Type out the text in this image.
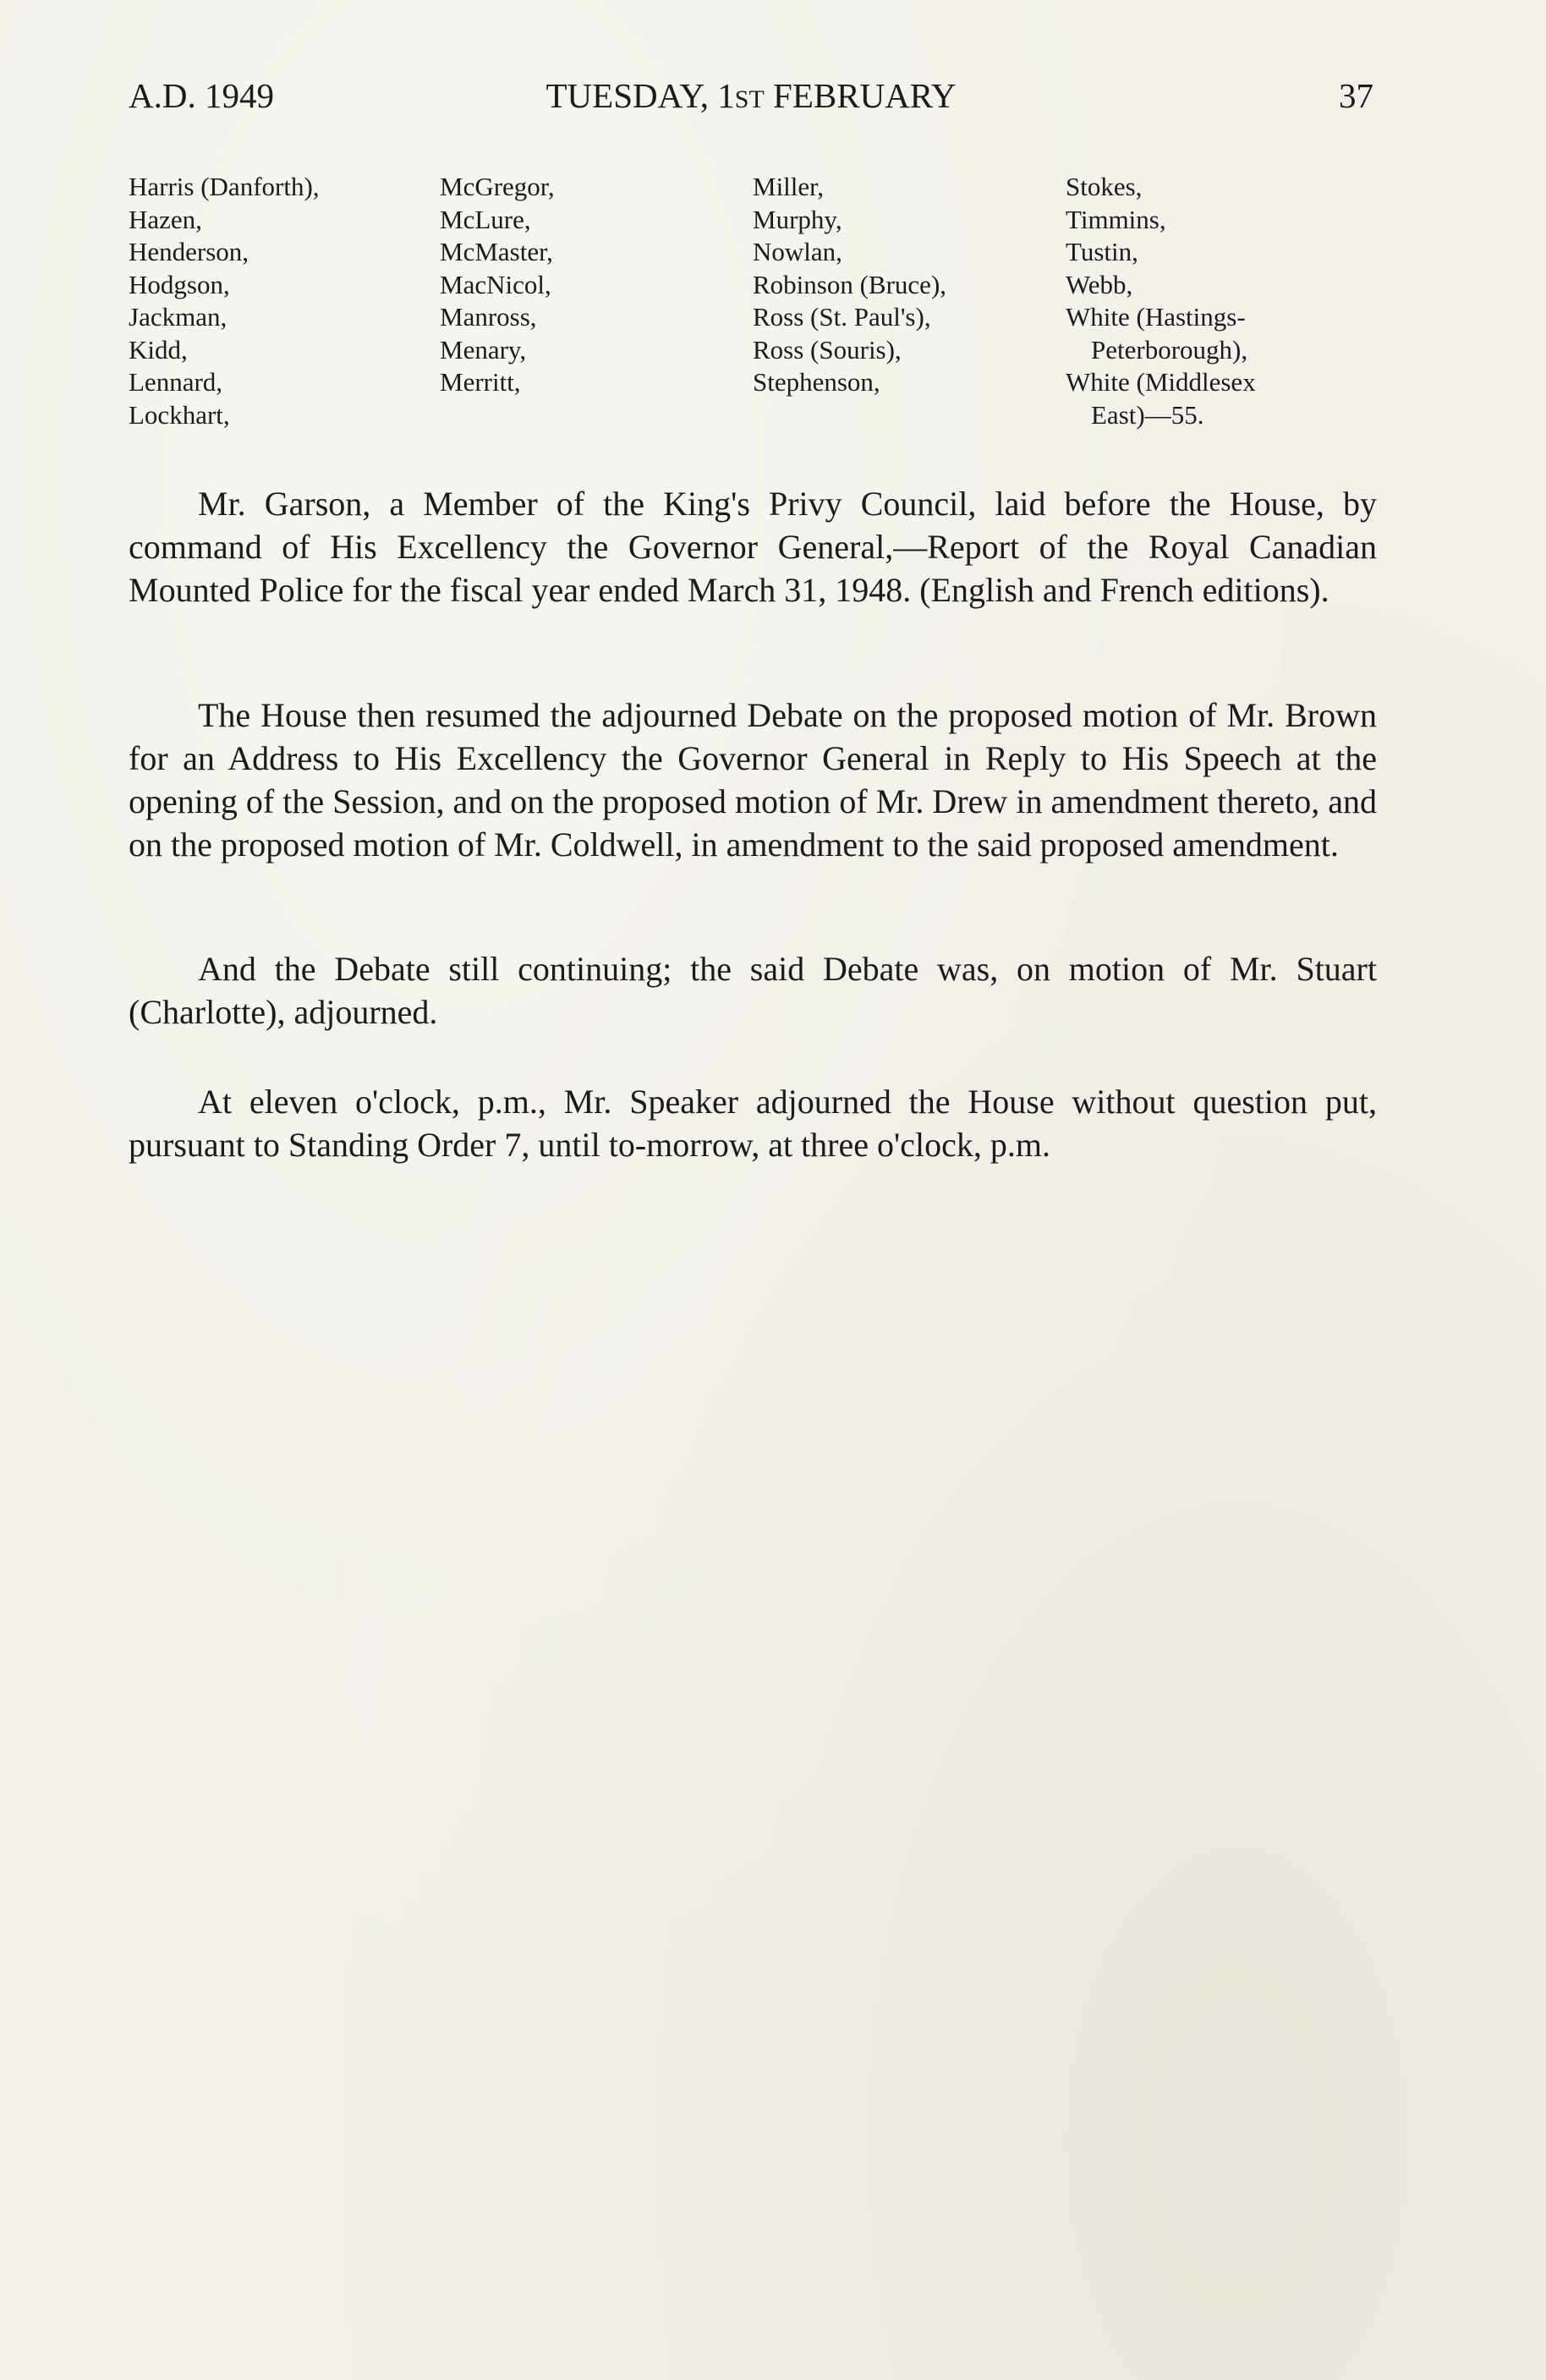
A.D. 1949	TUESDAY, 1ST FEBRUARY	37
Harris (Danforth),
Hazen,
Henderson,
Hodgson,
Jackman,
Kidd,
Lennard,
Lockhart,
McGregor,
McLure,
McMaster,
MacNicol,
Manross,
Menary,
Merritt,
Miller,
Murphy,
Nowlan,
Robinson (Bruce),
Ross (St. Paul's),
Ross (Souris),
Stephenson,
Stokes,
Timmins,
Tustin,
Webb,
White (Hastings-
Peterborough),
White (Middlesex
East)—55.

Mr. Garson, a Member of the King's Privy Council, laid before the House, by command of His Excellency the Governor General,—Report of the Royal Canadian Mounted Police for the fiscal year ended March 31, 1948. (English and French editions).

The House then resumed the adjourned Debate on the proposed motion of Mr. Brown for an Address to His Excellency the Governor General in Reply to His Speech at the opening of the Session, and on the proposed motion of Mr. Drew in amendment thereto, and on the proposed motion of Mr. Coldwell, in amendment to the said proposed amendment.

And the Debate still continuing; the said Debate was, on motion of Mr. Stuart (Charlotte), adjourned.

At eleven o'clock, p.m., Mr. Speaker adjourned the House without question put, pursuant to Standing Order 7, until to-morrow, at three o'clock, p.m.
